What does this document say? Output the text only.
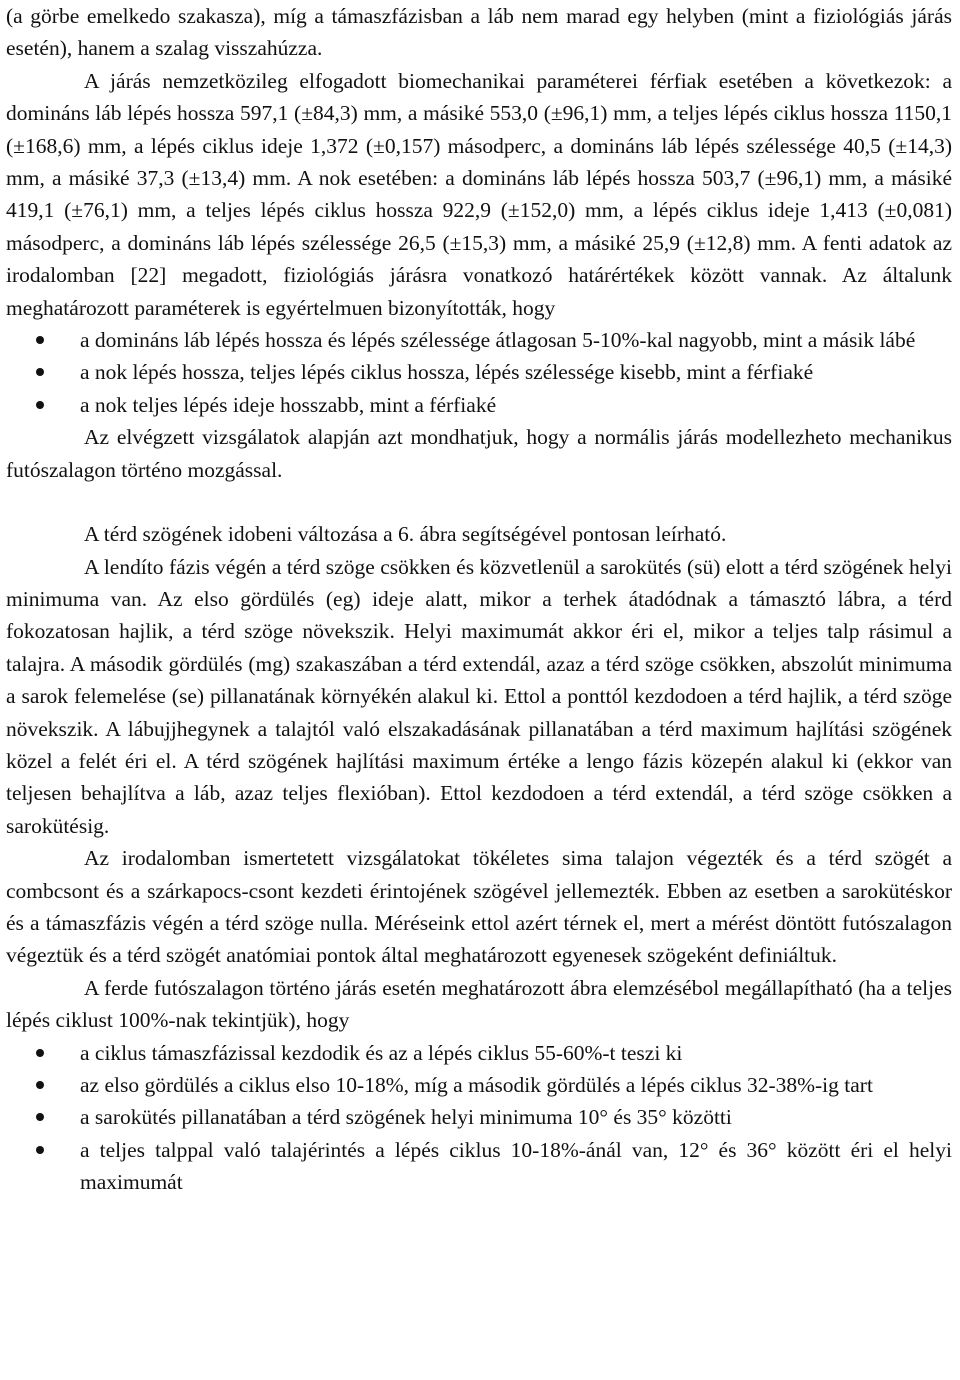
(a görbe emelkedo szakasza), míg a támaszfázisban a láb nem marad egy helyben (mint a fiziológiás járás esetén), hanem a szalag visszahúzza.

A járás nemzetközileg elfogadott biomechanikai paraméterei férfiak esetében a következok: a domináns láb lépés hossza 597,1 (±84,3) mm, a másiké 553,0 (±96,1) mm, a teljes lépés ciklus hossza 1150,1 (±168,6) mm, a lépés ciklus ideje 1,372 (±0,157) másodperc, a domináns láb lépés szélessége 40,5 (±14,3) mm, a másiké 37,3 (±13,4) mm. A nok esetében: a domináns láb lépés hossza 503,7 (±96,1) mm, a másiké 419,1 (±76,1) mm, a teljes lépés ciklus hossza 922,9 (±152,0) mm, a lépés ciklus ideje 1,413 (±0,081) másodperc, a domináns láb lépés szélessége 26,5 (±15,3) mm, a másiké 25,9 (±12,8) mm. A fenti adatok az irodalomban [22] megadott, fiziológiás járásra vonatkozó határértékek között vannak. Az általunk meghatározott paraméterek is egyértelmuen bizonyították, hogy

a domináns láb lépés hossza és lépés szélessége átlagosan 5-10%-kal nagyobb, mint a másik lábé
a nok lépés hossza, teljes lépés ciklus hossza, lépés szélessége kisebb, mint a férfiaké
a nok teljes lépés ideje hosszabb, mint a férfiaké

Az elvégzett vizsgálatok alapján azt mondhatjuk, hogy a normális járás modellezheto mechanikus futószalagon történo mozgással.

A térd szögének idobeni változása a 6. ábra segítségével pontosan leírható.

A lendíto fázis végén a térd szöge csökken és közvetlenül a sarokütés (sü) elott a térd szögének helyi minimuma van. Az elso gördülés (eg) ideje alatt, mikor a terhek átadódnak a támasztó lábra, a térd fokozatosan hajlik, a térd szöge növekszik. Helyi maximumát akkor éri el, mikor a teljes talp rásimul a talajra. A második gördülés (mg) szakaszában a térd extendál, azaz a térd szöge csökken, abszolút minimuma a sarok felemelése (se) pillanatának környékén alakul ki. Ettol a ponttól kezdodoen a térd hajlik, a térd szöge növekszik. A lábujjhegynek a talajtól való elszakadásának pillanatában a térd maximum hajlítási szögének közel a felét éri el. A térd szögének hajlítási maximum értéke a lengo fázis közepén alakul ki (ekkor van teljesen behajlítva a láb, azaz teljes flexióban). Ettol kezdodoen a térd extendál, a térd szöge csökken a sarokütésig.

Az irodalomban ismertetett vizsgálatokat tökéletes sima talajon végezték és a térd szögét a combcsont és a szárkapocs-csont kezdeti érintojének szögével jellemezték. Ebben az esetben a sarokütéskor és a támaszfázis végén a térd szöge nulla. Méréseink ettol azért térnek el, mert a mérést döntött futószalagon végeztük és a térd szögét anatómiai pontok által meghatározott egyenesek szögeként definiáltuk.

A ferde futószalagon történo járás esetén meghatározott ábra elemzésébol megállapítható (ha a teljes lépés ciklust 100%-nak tekintjük), hogy

a ciklus támaszfázissal kezdodik és az a lépés ciklus 55-60%-t teszi ki
az elso gördülés a ciklus elso 10-18%, míg a második gördülés a lépés ciklus 32-38%-ig tart
a sarokütés pillanatában a térd szögének helyi minimuma 10° és 35° közötti
a teljes talppal való talajérintés a lépés ciklus 10-18%-ánál van, 12° és 36° között éri el helyi maximumát
